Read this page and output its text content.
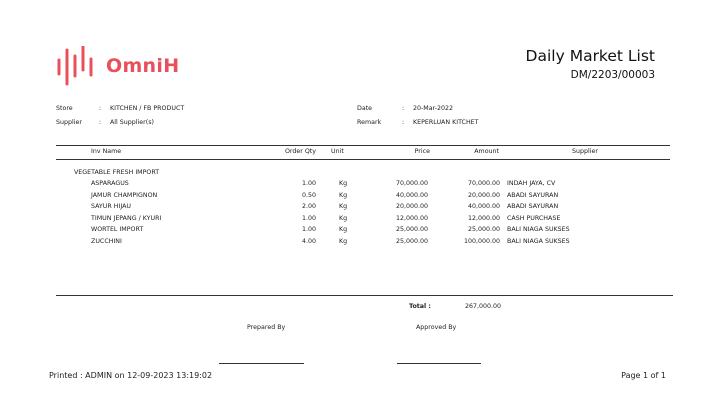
OmniH	Daily Market List
DM/2203/00003
Store	: KITCHEN / FB PRODUCT
Supplier	: All Supplier(s)
Date	: 20-Mar-2022
Remark	: KEPERLUAN KITCHET
Inv Name	Order Qty Unit	Price	Amount	Supplier
VEGETABLE FRESH IMPORT
ASPARAGUS	1.00	Kg	70,000.00	70,000.00 INDAH JAYA, CV
JAMUR CHAMPIGNON	0.50	Kg	40,000.00	20,000.00 ABADI SAYURAN
SAYUR HIJAU	2.00	Kg	20,000.00	40,000.00 ABADI SAYURAN
TIMUN JEPANG / KYURI	1.00	Kg	12,000.00	12,000.00 CASH PURCHASE
WORTEL IMPORT	1.00	Kg	25,000.00	25,000.00 BALI NIAGA SUKSES
ZUCCHINI	4.00	Kg	25,000.00	100,000.00 BALI NIAGA SUKSES
Total :	267,000.00
Prepared By	Approved By
Printed : ADMIN on 12-09-2023 13:19:02	Page 1 of 1
